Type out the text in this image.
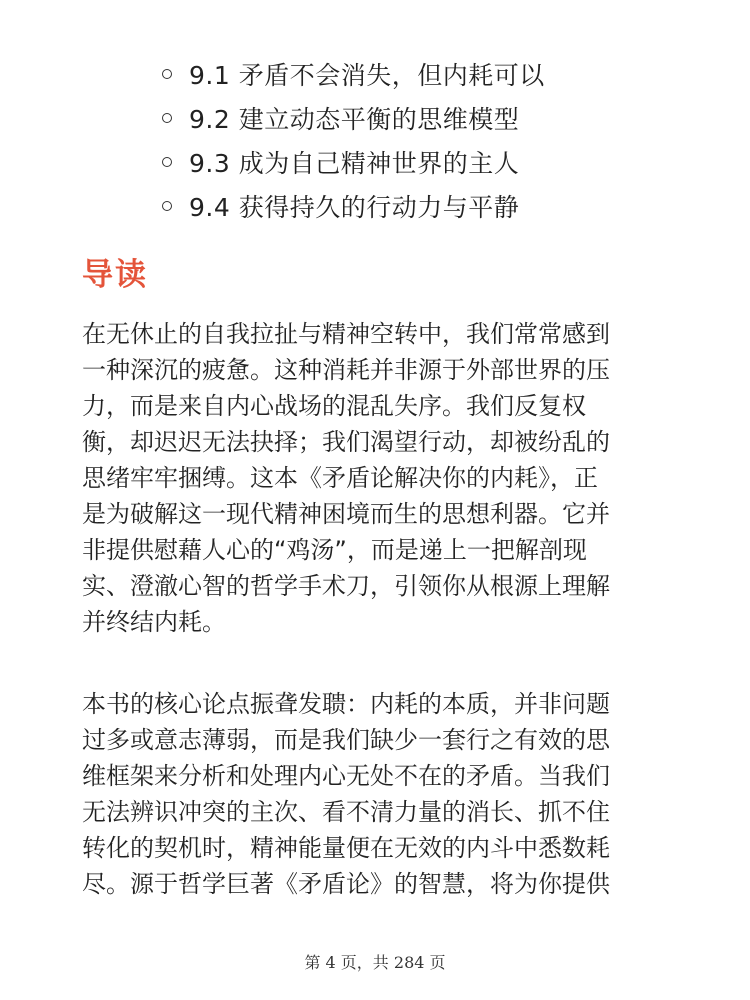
9.1 矛盾不会消失，但内耗可以
9.2 建立动态平衡的思维模型
9.3 成为自己精神世界的主人
9.4 获得持久的行动力与平静
导读

在无休止的自我拉扯与精神空转中，我们常常感到
一种深沉的疲惫。这种消耗并非源于外部世界的压
力，而是来自内心战场的混乱失序。我们反复权
衡，却迟迟无法抉择；我们渴望行动，却被纷乱的
思绪牢牢捆缚。这本《矛盾论解决你的内耗》，正
是为破解这一现代精神困境而生的思想利器。它并
非提供慰藉人心的“鸡汤”，而是递上一把解剖现
实、澄澈心智的哲学手术刀，引领你从根源上理解
并终结内耗。

本书的核心论点振聋发聩：内耗的本质，并非问题
过多或意志薄弱，而是我们缺少一套行之有效的思
维框架来分析和处理内心无处不在的矛盾。当我们
无法辨识冲突的主次、看不清力量的消长、抓不住
转化的契机时，精神能量便在无效的内斗中悉数耗
尽。源于哲学巨著《矛盾论》的智慧，将为你提供

第 4 页，共 284 页
